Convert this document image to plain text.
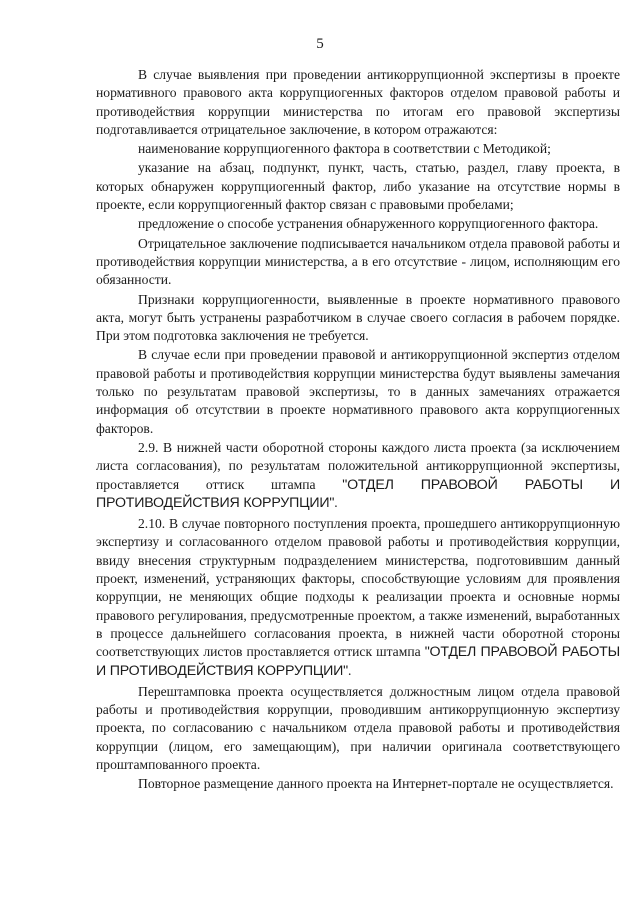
5

В случае выявления при проведении антикоррупционной экспертизы в проекте нормативного правового акта коррупциогенных факторов отделом правовой работы и противодействия коррупции министерства по итогам его правовой экспертизы подготавливается отрицательное заключение, в котором отражаются:

наименование коррупциогенного фактора в соответствии с Методикой;

указание на абзац, подпункт, пункт, часть, статью, раздел, главу проекта, в которых обнаружен коррупциогенный фактор, либо указание на отсутствие нормы в проекте, если коррупциогенный фактор связан с правовыми пробелами;

предложение о способе устранения обнаруженного коррупциогенного фактора.

Отрицательное заключение подписывается начальником отдела правовой работы и противодействия коррупции министерства, а в его отсутствие - лицом, исполняющим его обязанности.

Признаки коррупциогенности, выявленные в проекте нормативного правового акта, могут быть устранены разработчиком в случае своего согласия в рабочем порядке. При этом подготовка заключения не требуется.

В случае если при проведении правовой и антикоррупционной экспертиз отделом правовой работы и противодействия коррупции министерства будут выявлены замечания только по результатам правовой экспертизы, то в данных замечаниях отражается информация об отсутствии в проекте нормативного правового акта коррупциогенных факторов.

2.9. В нижней части оборотной стороны каждого листа проекта (за исключением листа согласования), по результатам положительной антикоррупционной экспертизы, проставляется оттиск штампа "ОТДЕЛ ПРАВОВОЙ РАБОТЫ И ПРОТИВОДЕЙСТВИЯ КОРРУПЦИИ".

2.10. В случае повторного поступления проекта, прошедшего антикоррупционную экспертизу и согласованного отделом правовой работы и противодействия коррупции, ввиду внесения структурным подразделением министерства, подготовившим данный проект, изменений, устраняющих факторы, способствующие условиям для проявления коррупции, не меняющих общие подходы к реализации проекта и основные нормы правового регулирования, предусмотренные проектом, а также изменений, выработанных в процессе дальнейшего согласования проекта, в нижней части оборотной стороны соответствующих листов проставляется оттиск штампа "ОТДЕЛ ПРАВОВОЙ РАБОТЫ И ПРОТИВОДЕЙСТВИЯ КОРРУПЦИИ".

Перештамповка проекта осуществляется должностным лицом отдела правовой работы и противодействия коррупции, проводившим антикоррупционную экспертизу проекта, по согласованию с начальником отдела правовой работы и противодействия коррупции (лицом, его замещающим), при наличии оригинала соответствующего проштампованного проекта.

Повторное размещение данного проекта на Интернет-портале не осуществляется.
